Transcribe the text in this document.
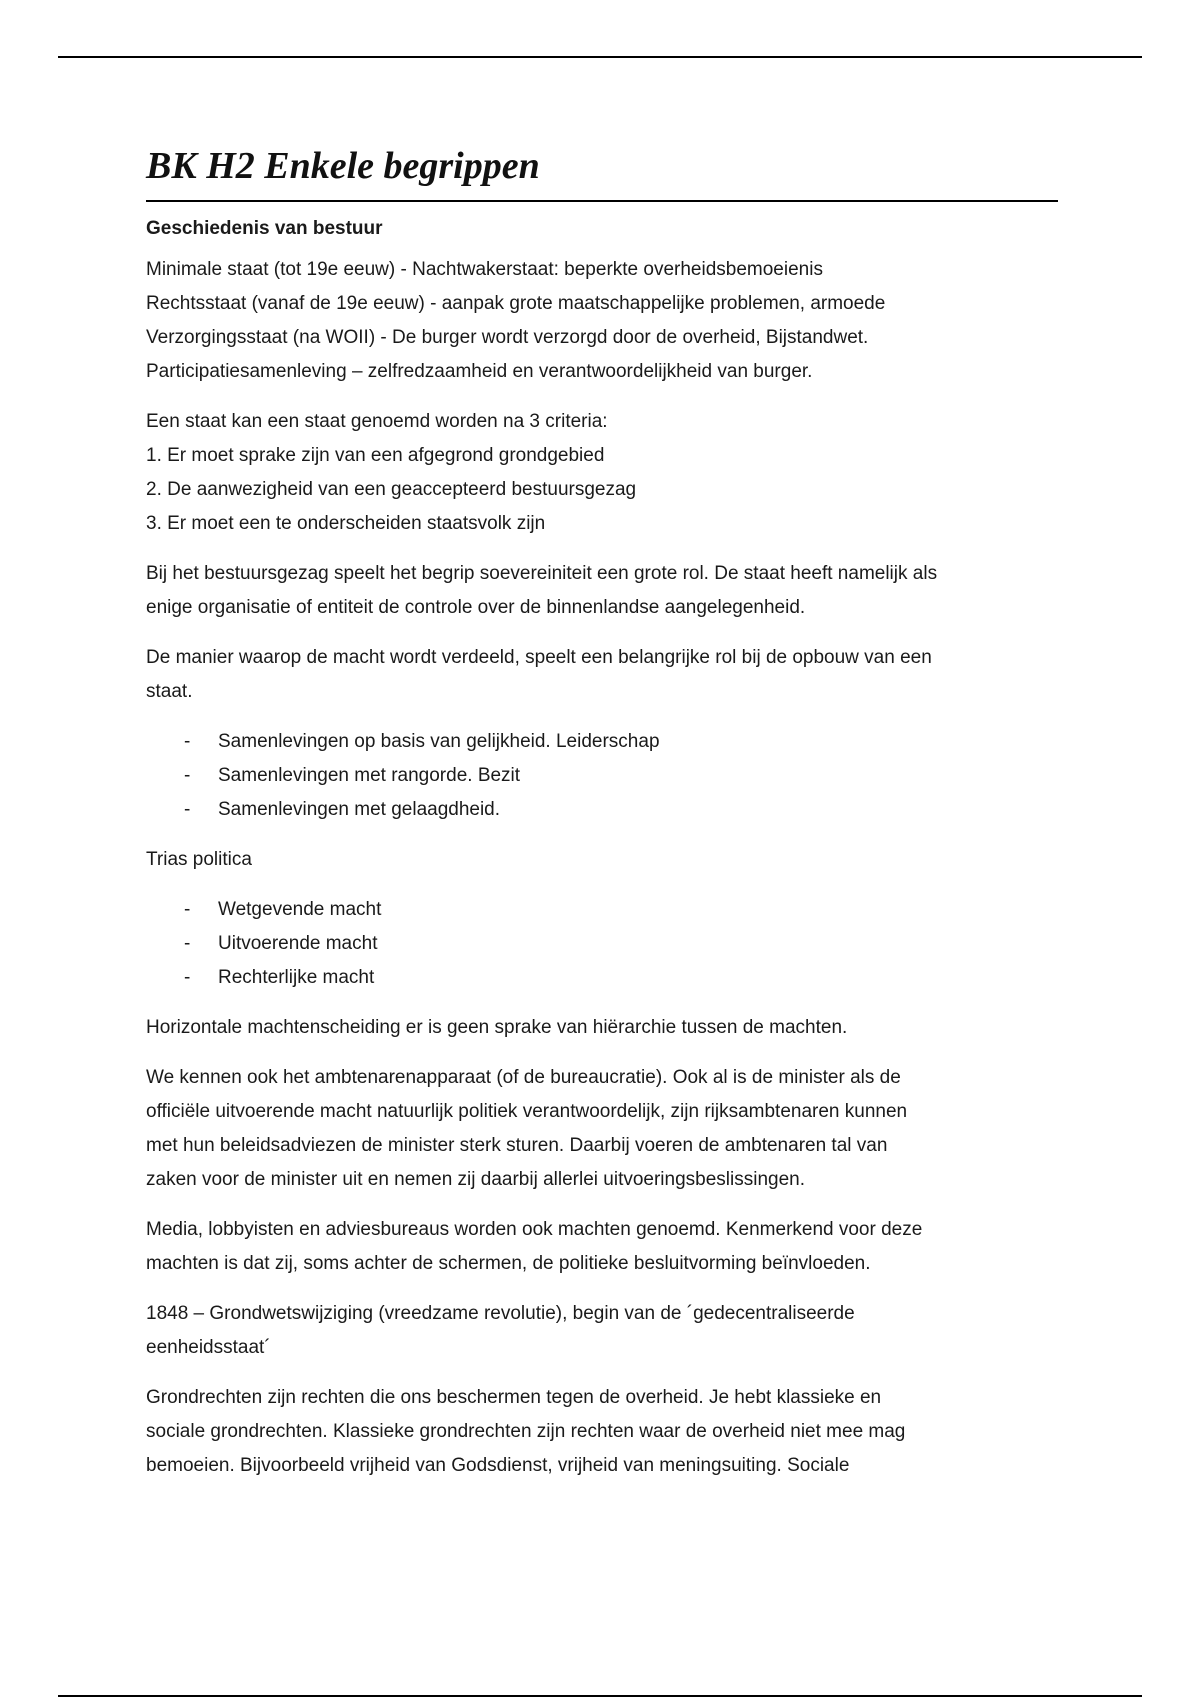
BK H2 Enkele begrippen
Geschiedenis van bestuur

Minimale staat (tot 19e eeuw) - Nachtwakerstaat: beperkte overheidsbemoeienis
Rechtsstaat (vanaf de 19e eeuw) - aanpak grote maatschappelijke problemen, armoede
Verzorgingsstaat (na WOII) - De burger wordt verzorgd door de overheid, Bijstandwet.
Participatiesamenleving – zelfredzaamheid en verantwoordelijkheid van burger.

Een staat kan een staat genoemd worden na 3 criteria:
1. Er moet sprake zijn van een afgegrond grondgebied
2. De aanwezigheid van een geaccepteerd bestuursgezag
3. Er moet een te onderscheiden staatsvolk zijn

Bij het bestuursgezag speelt het begrip soevereiniteit een grote rol. De staat heeft namelijk als
enige organisatie of entiteit de controle over de binnenlandse aangelegenheid.

De manier waarop de macht wordt verdeeld, speelt een belangrijke rol bij de opbouw van een
staat.

- Samenlevingen op basis van gelijkheid. Leiderschap
- Samenlevingen met rangorde. Bezit
- Samenlevingen met gelaagdheid.

Trias politica

- Wetgevende macht
- Uitvoerende macht
- Rechterlijke macht

Horizontale machtenscheiding er is geen sprake van hiërarchie tussen de machten.

We kennen ook het ambtenarenapparaat (of de bureaucratie). Ook al is de minister als de
officiële uitvoerende macht natuurlijk politiek verantwoordelijk, zijn rijksambtenaren kunnen
met hun beleidsadviezen de minister sterk sturen. Daarbij voeren de ambtenaren tal van
zaken voor de minister uit en nemen zij daarbij allerlei uitvoeringsbeslissingen.

Media, lobbyisten en adviesbureaus worden ook machten genoemd. Kenmerkend voor deze
machten is dat zij, soms achter de schermen, de politieke besluitvorming beïnvloeden.

1848 – Grondwetswijziging (vreedzame revolutie), begin van de ´gedecentraliseerde
eenheidsstaat´

Grondrechten zijn rechten die ons beschermen tegen de overheid. Je hebt klassieke en
sociale grondrechten. Klassieke grondrechten zijn rechten waar de overheid niet mee mag
bemoeien. Bijvoorbeeld vrijheid van Godsdienst, vrijheid van meningsuiting. Sociale
